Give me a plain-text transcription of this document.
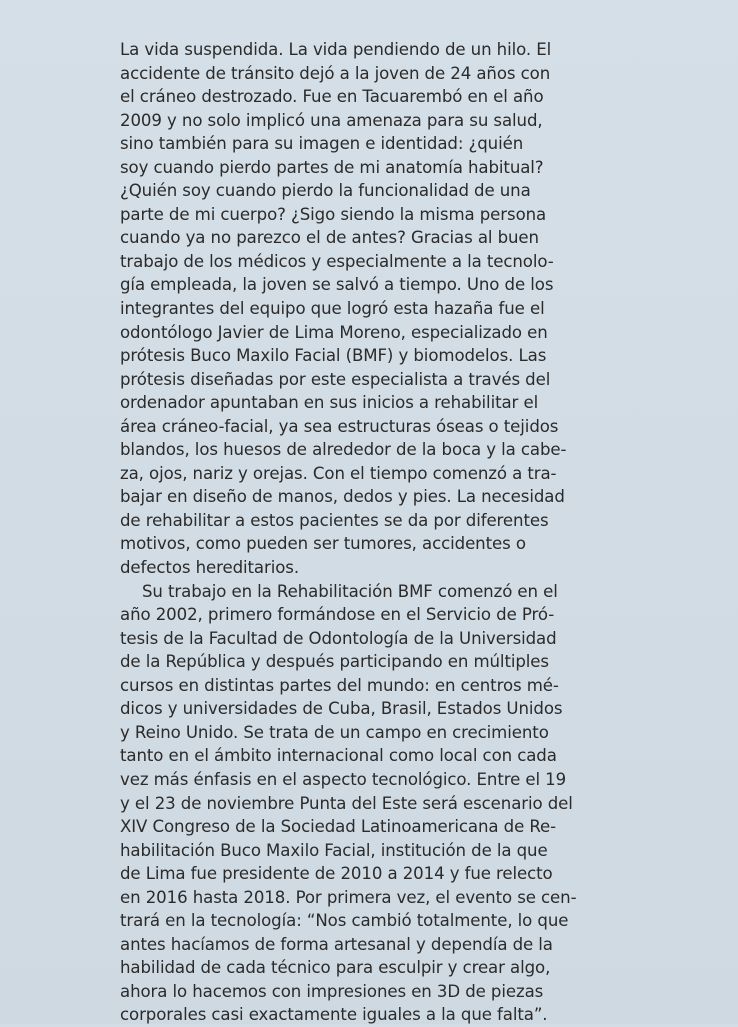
La vida suspendida. La vida pendiendo de un hilo. El
accidente de tránsito dejó a la joven de 24 años con
el cráneo destrozado. Fue en Tacuarembó en el año
2009 y no solo implicó una amenaza para su salud,
sino también para su imagen e identidad: ¿quién
soy cuando pierdo partes de mi anatomía habitual?
¿Quién soy cuando pierdo la funcionalidad de una
parte de mi cuerpo? ¿Sigo siendo la misma persona
cuando ya no parezco el de antes? Gracias al buen
trabajo de los médicos y especialmente a la tecnolo-
gía empleada, la joven se salvó a tiempo. Uno de los
integrantes del equipo que logró esta hazaña fue el
odontólogo Javier de Lima Moreno, especializado en
prótesis Buco Maxilo Facial (BMF) y biomodelos. Las
prótesis diseñadas por este especialista a través del
ordenador apuntaban en sus inicios a rehabilitar el
área cráneo-facial, ya sea estructuras óseas o tejidos
blandos, los huesos de alrededor de la boca y la cabe-
za, ojos, nariz y orejas. Con el tiempo comenzó a tra-
bajar en diseño de manos, dedos y pies. La necesidad
de rehabilitar a estos pacientes se da por diferentes
motivos, como pueden ser tumores, accidentes o
defectos hereditarios.
Su trabajo en la Rehabilitación BMF comenzó en el
año 2002, primero formándose en el Servicio de Pró-
tesis de la Facultad de Odontología de la Universidad
de la República y después participando en múltiples
cursos en distintas partes del mundo: en centros mé-
dicos y universidades de Cuba, Brasil, Estados Unidos
y Reino Unido. Se trata de un campo en crecimiento
tanto en el ámbito internacional como local con cada
vez más énfasis en el aspecto tecnológico. Entre el 19
y el 23 de noviembre Punta del Este será escenario del
XIV Congreso de la Sociedad Latinoamericana de Re-
habilitación Buco Maxilo Facial, institución de la que
de Lima fue presidente de 2010 a 2014 y fue relecto
en 2016 hasta 2018. Por primera vez, el evento se cen-
trará en la tecnología: “Nos cambió totalmente, lo que
antes hacíamos de forma artesanal y dependía de la
habilidad de cada técnico para esculpir y crear algo,
ahora lo hacemos con impresiones en 3D de piezas
corporales casi exactamente iguales a la que falta”.
